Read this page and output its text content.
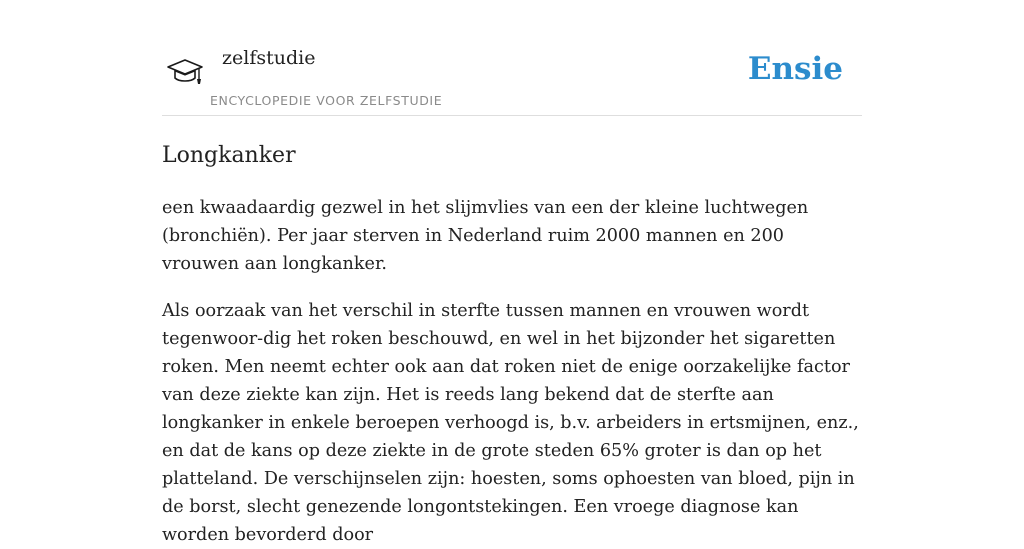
zelfstudie
ENCYCLOPEDIE VOOR ZELFSTUDIE
Ensie
Longkanker

een kwaadaardig gezwel in het slijmvlies van een der kleine luchtwegen (bronchiën). Per jaar sterven in Nederland ruim 2000 mannen en 200 vrouwen aan longkanker.

Als oorzaak van het verschil in sterfte tussen mannen en vrouwen wordt tegenwoor-dig het roken beschouwd, en wel in het bijzonder het sigaretten roken. Men neemt echter ook aan dat roken niet de enige oorzakelijke factor van deze ziekte kan zijn. Het is reeds lang bekend dat de sterfte aan longkanker in enkele beroepen verhoogd is, b.v. arbeiders in ertsmijnen, enz., en dat de kans op deze ziekte in de grote steden 65% groter is dan op het platteland. De verschijnselen zijn: hoesten, soms ophoesten van bloed, pijn in de borst, slecht genezende longontstekingen. Een vroege diagnose kan worden bevorderd door
